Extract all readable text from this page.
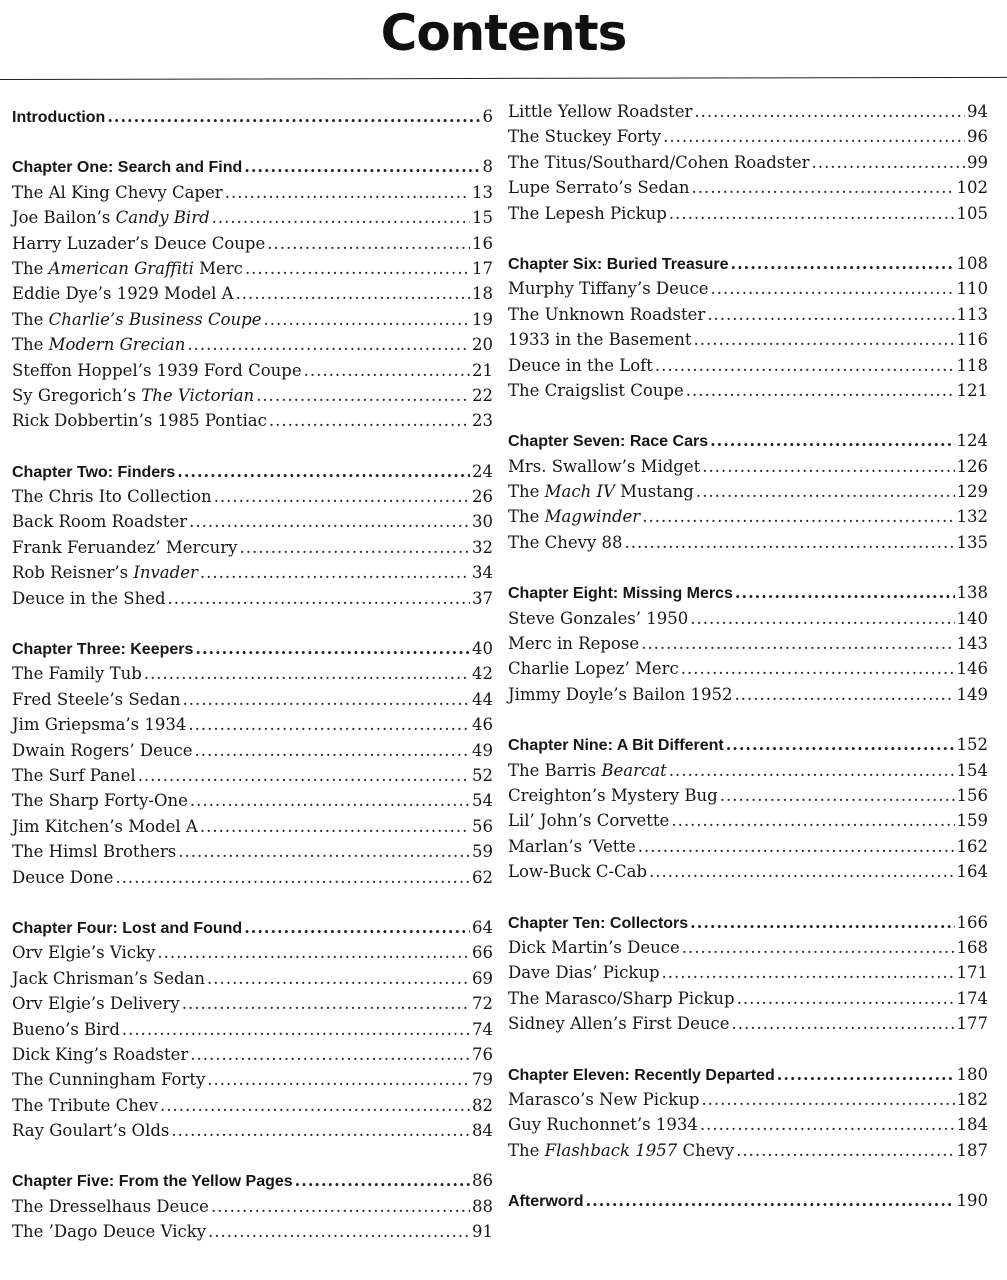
Contents
Introduction .....	6
Chapter One: Search and Find .....	8
The Al King Chevy Caper .....	13
Joe Bailon’s Candy Bird .....	15
Harry Luzader’s Deuce Coupe .....	16
The American Graffiti Merc .....	17
Eddie Dye’s 1929 Model A .....	18
The Charlie’s Business Coupe .....	19
The Modern Grecian .....	20
Steffon Hoppel’s 1939 Ford Coupe .....	21
Sy Gregorich’s The Victorian .....	22
Rick Dobbertin’s 1985 Pontiac .....	23
Chapter Two: Finders .....	24
The Chris Ito Collection .....	26
Back Room Roadster .....	30
Frank Feruandez’ Mercury .....	32
Rob Reisner’s Invader .....	34
Deuce in the Shed .....	37
Chapter Three: Keepers .....	40
The Family Tub .....	42
Fred Steele’s Sedan .....	44
Jim Griepsma’s 1934 .....	46
Dwain Rogers’ Deuce .....	49
The Surf Panel .....	52
The Sharp Forty-One .....	54
Jim Kitchen’s Model A .....	56
The Himsl Brothers .....	59
Deuce Done .....	62
Chapter Four: Lost and Found .....	64
Orv Elgie’s Vicky .....	66
Jack Chrisman’s Sedan .....	69
Orv Elgie’s Delivery .....	72
Bueno’s Bird .....	74
Dick King’s Roadster .....	76
The Cunningham Forty .....	79
The Tribute Chev .....	82
Ray Goulart’s Olds .....	84
Chapter Five: From the Yellow Pages .....	86
The Dresselhaus Deuce .....	88
The ’Dago Deuce Vicky .....	91
Little Yellow Roadster .....	94
The Stuckey Forty .....	96
The Titus/Southard/Cohen Roadster .....	99
Lupe Serrato’s Sedan .....	102
The Lepesh Pickup .....	105
Chapter Six: Buried Treasure .....	108
Murphy Tiffany’s Deuce .....	110
The Unknown Roadster .....	113
1933 in the Basement .....	116
Deuce in the Loft .....	118
The Craigslist Coupe .....	121
Chapter Seven: Race Cars .....	124
Mrs. Swallow’s Midget .....	126
The Mach IV Mustang .....	129
The Magwinder .....	132
The Chevy 88 .....	135
Chapter Eight: Missing Mercs .....	138
Steve Gonzales’ 1950 .....	140
Merc in Repose .....	143
Charlie Lopez’ Merc .....	146
Jimmy Doyle’s Bailon 1952 .....	149
Chapter Nine: A Bit Different .....	152
The Barris Bearcat .....	154
Creighton’s Mystery Bug .....	156
Lil’ John’s Corvette .....	159
Marlan’s ’Vette .....	162
Low-Buck C-Cab .....	164
Chapter Ten: Collectors .....	166
Dick Martin’s Deuce .....	168
Dave Dias’ Pickup .....	171
The Marasco/Sharp Pickup .....	174
Sidney Allen’s First Deuce .....	177
Chapter Eleven: Recently Departed .....	180
Marasco’s New Pickup .....	182
Guy Ruchonnet’s 1934 .....	184
The Flashback 1957 Chevy .....	187
Afterword .....	190
